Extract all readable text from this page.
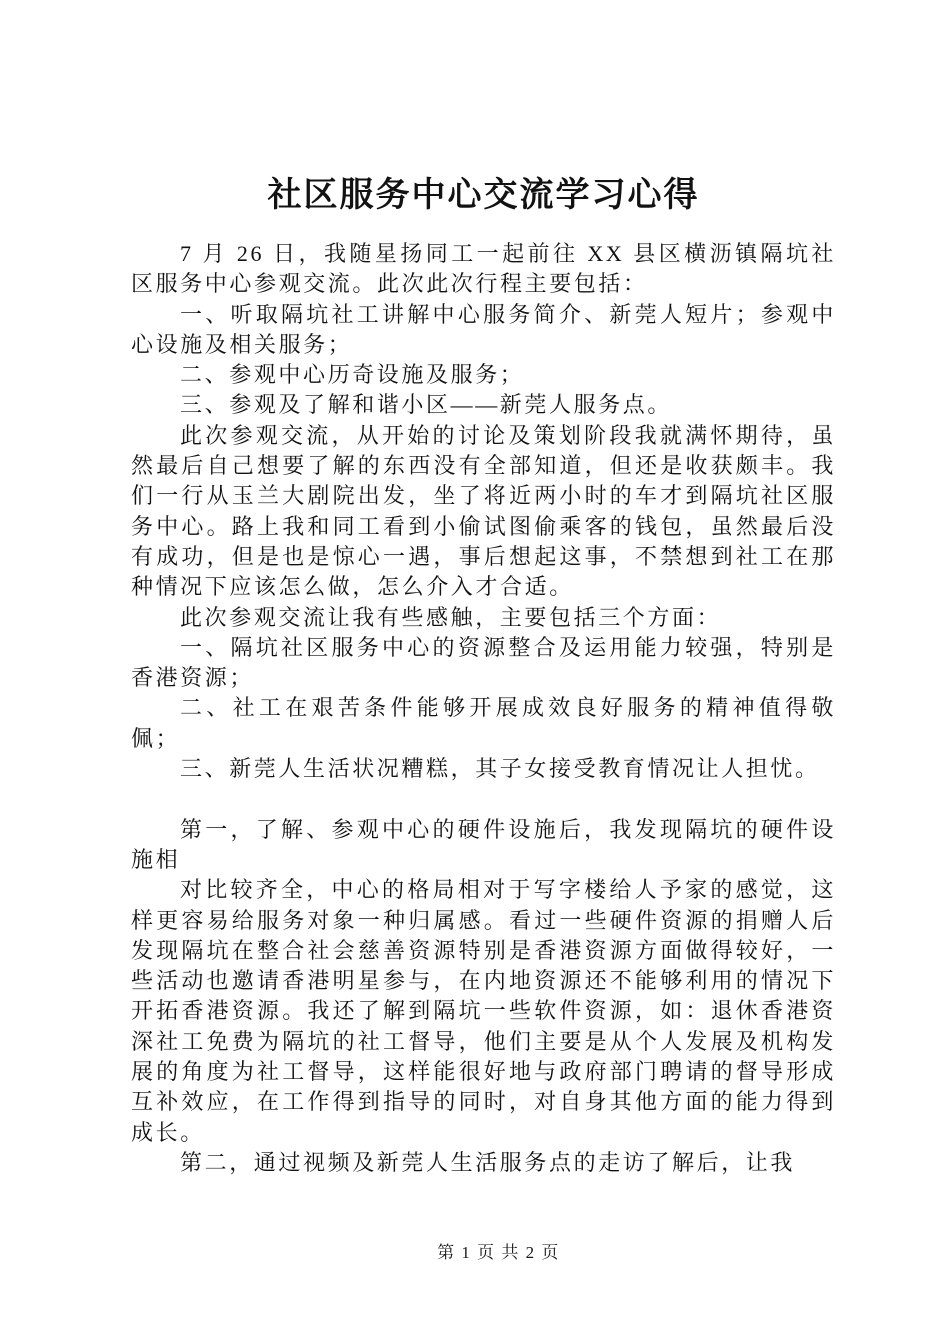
社区服务中心交流学习心得

7 月 26 日，我随星扬同工一起前往 XX 县区横沥镇隔坑社区服务中心参观交流。此次此次行程主要包括：

一、听取隔坑社工讲解中心服务简介、新莞人短片；参观中心设施及相关服务；

二、参观中心历奇设施及服务；

三、参观及了解和谐小区——新莞人服务点。

此次参观交流，从开始的讨论及策划阶段我就满怀期待，虽然最后自己想要了解的东西没有全部知道，但还是收获颇丰。我们一行从玉兰大剧院出发，坐了将近两小时的车才到隔坑社区服务中心。路上我和同工看到小偷试图偷乘客的钱包，虽然最后没有成功，但是也是惊心一遇，事后想起这事，不禁想到社工在那种情况下应该怎么做，怎么介入才合适。

此次参观交流让我有些感触，主要包括三个方面：

一、隔坑社区服务中心的资源整合及运用能力较强，特别是香港资源；

二、社工在艰苦条件能够开展成效良好服务的精神值得敬佩；

三、新莞人生活状况糟糕，其子女接受教育情况让人担忧。

第一，了解、参观中心的硬件设施后，我发现隔坑的硬件设施相

对比较齐全，中心的格局相对于写字楼给人予家的感觉，这样更容易给服务对象一种归属感。看过一些硬件资源的捐赠人后发现隔坑在整合社会慈善资源特别是香港资源方面做得较好，一些活动也邀请香港明星参与，在内地资源还不能够利用的情况下开拓香港资源。我还了解到隔坑一些软件资源，如：退休香港资深社工免费为隔坑的社工督导，他们主要是从个人发展及机构发展的角度为社工督导，这样能很好地与政府部门聘请的督导形成互补效应，在工作得到指导的同时，对自身其他方面的能力得到成长。

第二，通过视频及新莞人生活服务点的走访了解后，让我

第 1 页 共 2 页
